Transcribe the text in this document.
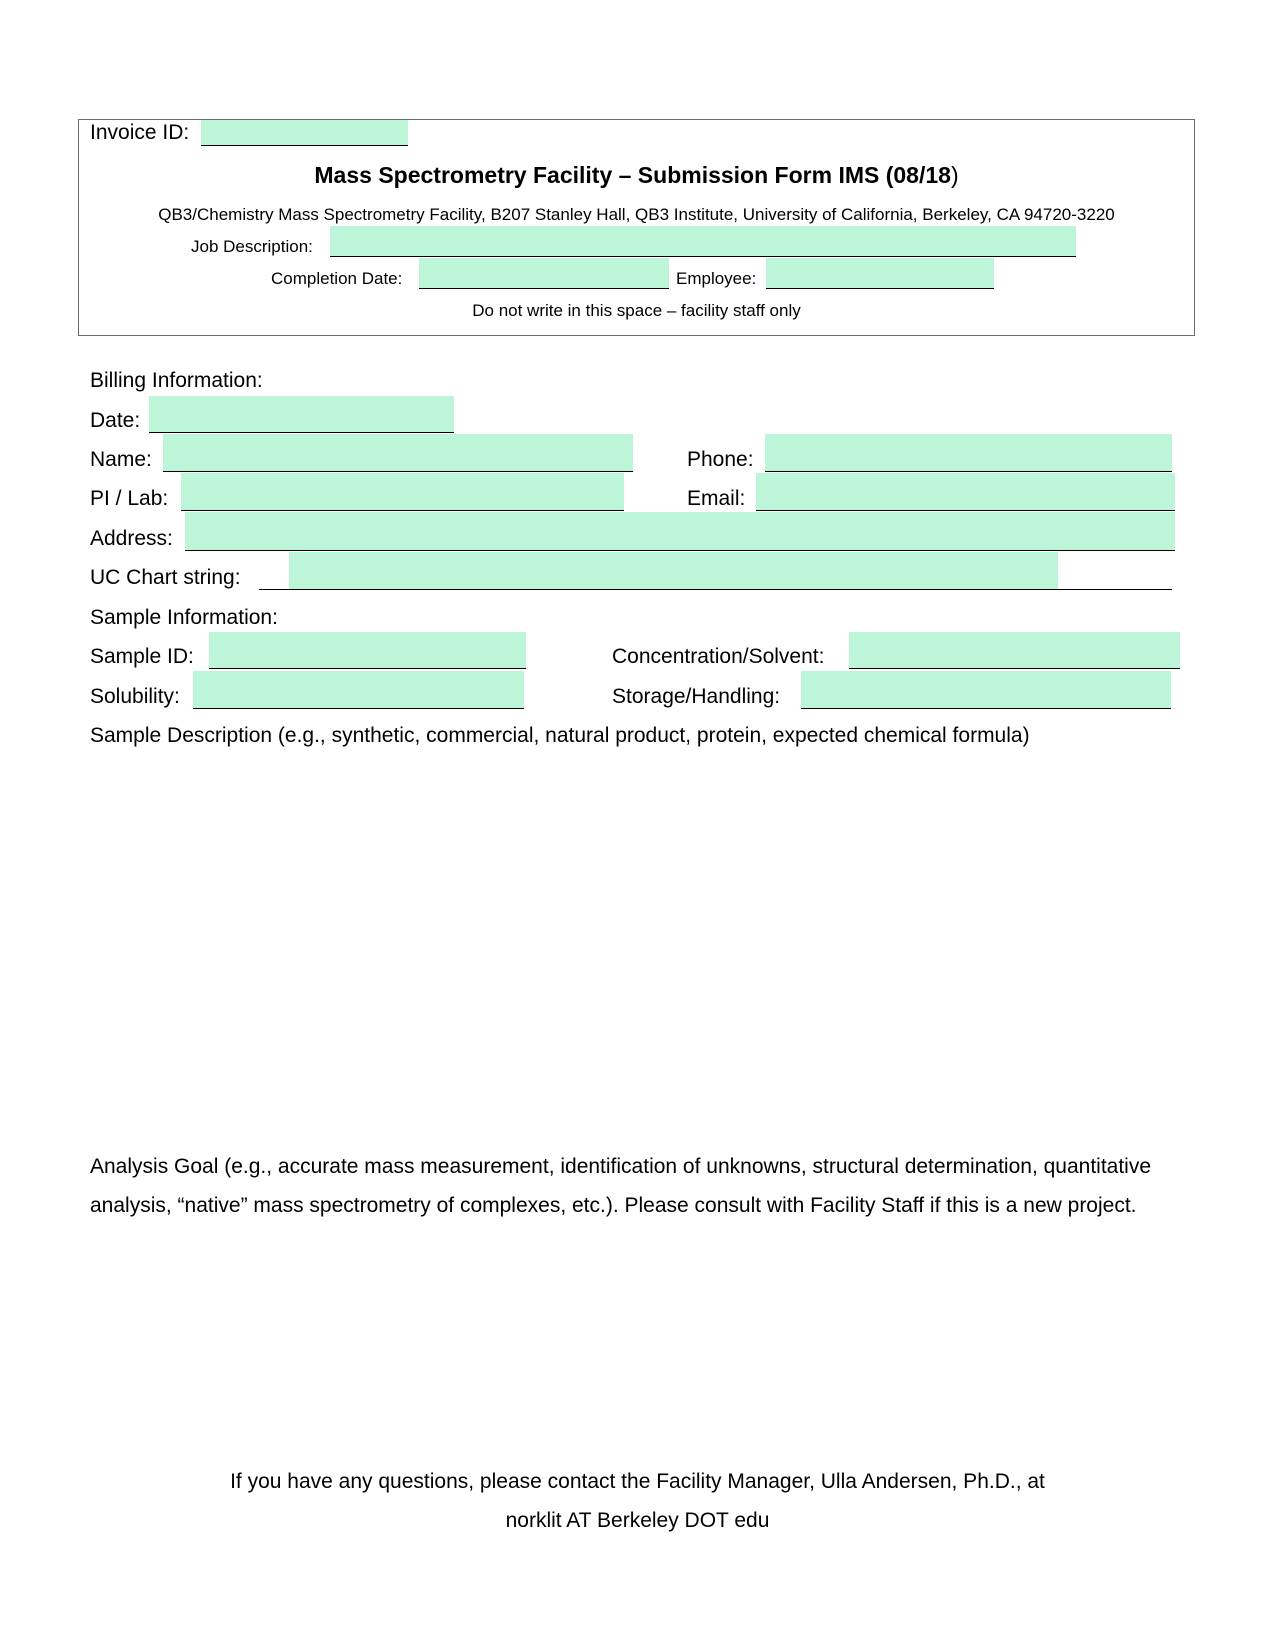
Invoice ID:
Mass Spectrometry Facility – Submission Form IMS (08/18)
QB3/Chemistry Mass Spectrometry Facility, B207 Stanley Hall, QB3 Institute, University of California, Berkeley, CA 94720-3220
Job Description:
Completion Date:	Employee:
Do not write in this space – facility staff only
Billing Information:
Date:
Name:	Phone:
PI / Lab:	Email:
Address:
UC Chart string:
Sample Information:
Sample ID:	Concentration/Solvent:
Solubility:	Storage/Handling:
Sample Description (e.g., synthetic, commercial, natural product, protein, expected chemical formula)
Analysis Goal (e.g., accurate mass measurement, identification of unknowns, structural determination, quantitative analysis, “native” mass spectrometry of complexes, etc.). Please consult with Facility Staff if this is a new project.
If you have any questions, please contact the Facility Manager, Ulla Andersen, Ph.D., at
norklit AT Berkeley DOT edu
